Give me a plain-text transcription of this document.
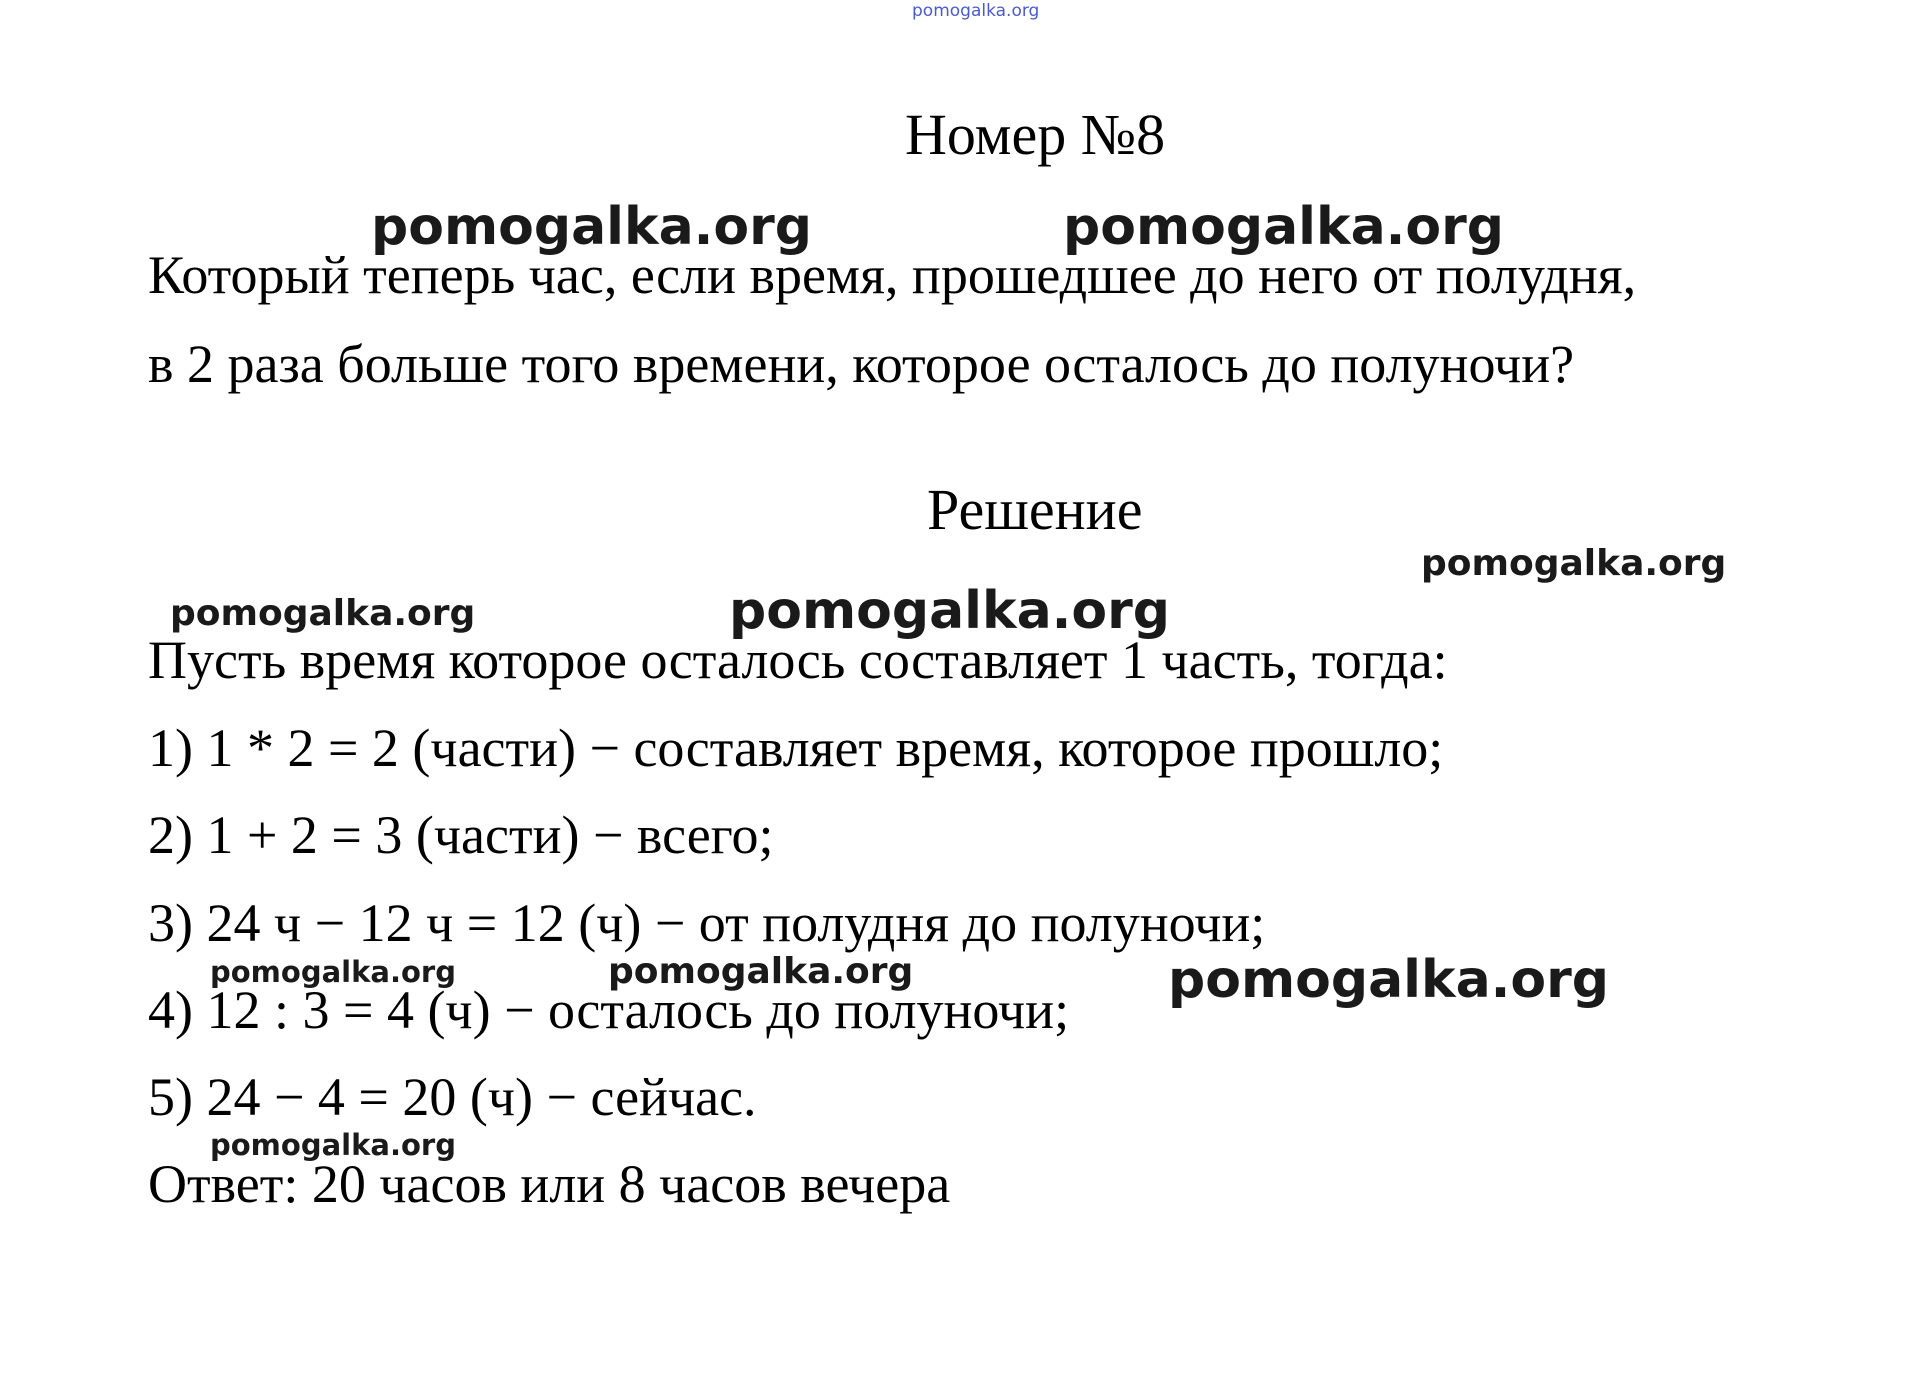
pomogalka.org
Номер №8
Который теперь час, если время, прошедшее до него от полудня,
в 2 раза больше того времени, которое осталось до полуночи?
Решение
Пусть время которое осталось составляет 1 часть, тогда:
1) 1 * 2 = 2 (части) − составляет время, которое прошло;
2) 1 + 2 = 3 (части) − всего;
3) 24 ч − 12 ч = 12 (ч) − от полудня до полуночи;
4) 12 : 3 = 4 (ч) − осталось до полуночи;
5) 24 − 4 = 20 (ч) − сейчас.
Ответ: 20 часов или 8 часов вечера
pomogalka.org	pomogalka.org
pomogalka.org
pomogalka.org	pomogalka.org
pomogalka.org	pomogalka.org	pomogalka.org
pomogalka.org
